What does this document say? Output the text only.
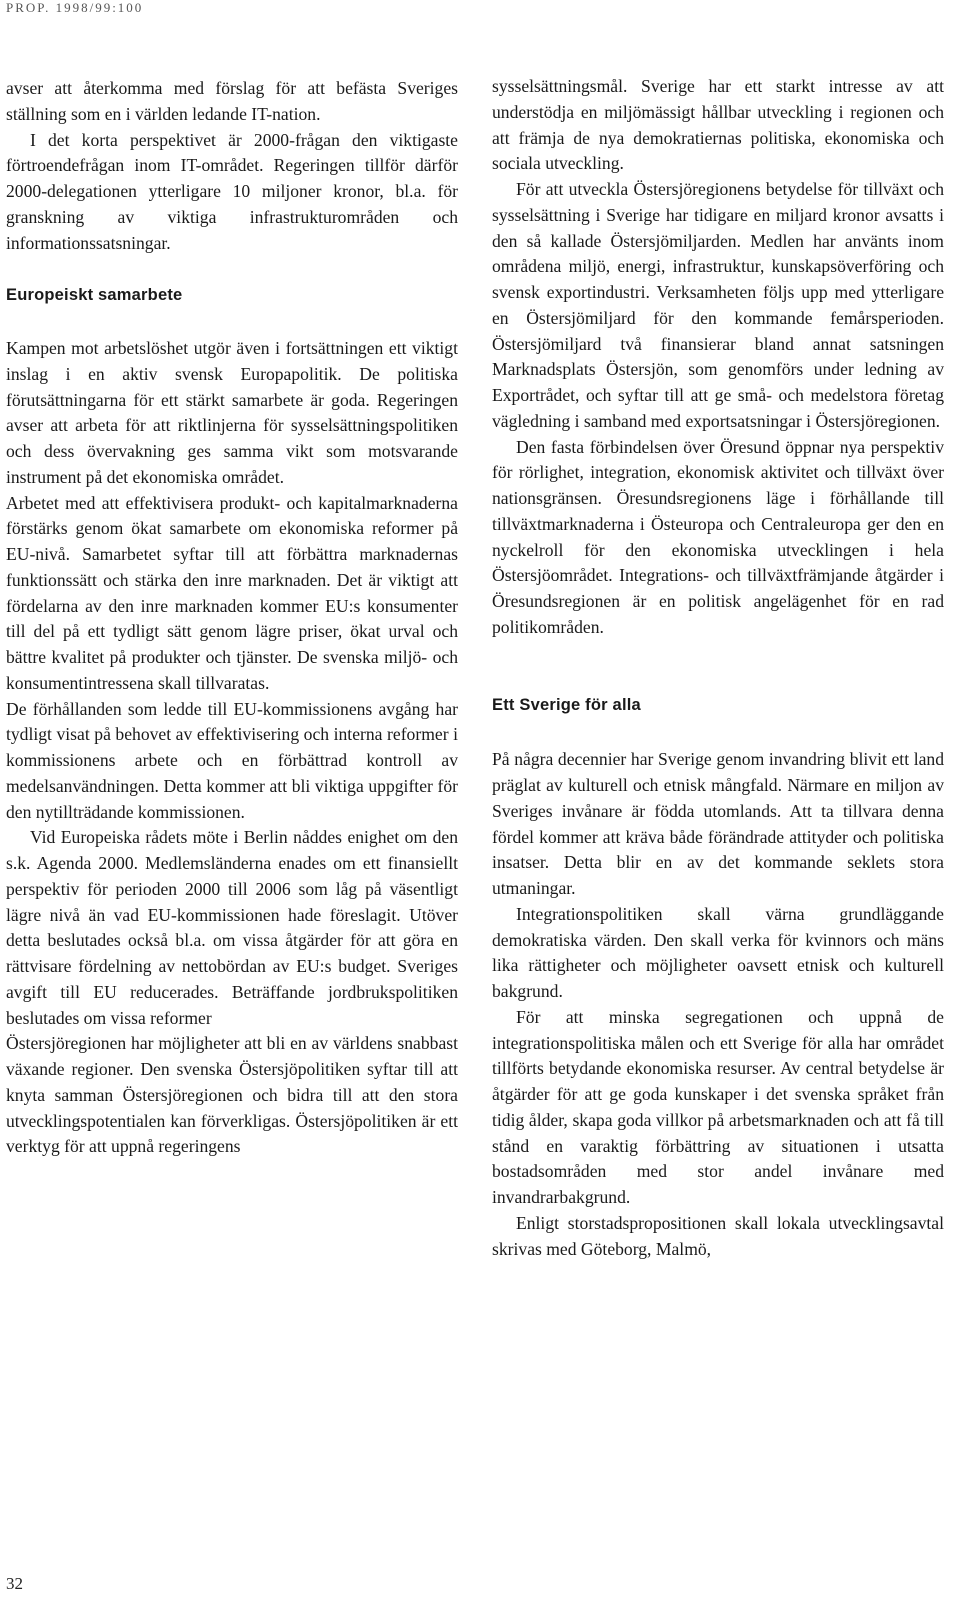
PROP. 1998/99:100

avser att återkomma med förslag för att befästa Sveriges ställning som en i världen ledande IT-nation.

I det korta perspektivet är 2000-frågan den viktigaste förtroendefrågan inom IT-området. Regeringen tillför därför 2000-delegationen ytterligare 10 miljoner kronor, bl.a. för granskning av viktiga infrastrukturområden och informationssatsningar.

Europeiskt samarbete

Kampen mot arbetslöshet utgör även i fortsättningen ett viktigt inslag i en aktiv svensk Europapolitik. De politiska förutsättningarna för ett stärkt samarbete är goda. Regeringen avser att arbeta för att riktlinjerna för sysselsättningspolitiken och dess övervakning ges samma vikt som motsvarande instrument på det ekonomiska området.

Arbetet med att effektivisera produkt- och kapitalmarknaderna förstärks genom ökat samarbete om ekonomiska reformer på EU-nivå. Samarbetet syftar till att förbättra marknadernas funktionssätt och stärka den inre marknaden. Det är viktigt att fördelarna av den inre marknaden kommer EU:s konsumenter till del på ett tydligt sätt genom lägre priser, ökat urval och bättre kvalitet på produkter och tjänster. De svenska miljö- och konsumentintressena skall tillvaratas.

De förhållanden som ledde till EU-kommissionens avgång har tydligt visat på behovet av effektivisering och interna reformer i kommissionens arbete och en förbättrad kontroll av medelsanvändningen. Detta kommer att bli viktiga uppgifter för den nytillträdande kommissionen.

Vid Europeiska rådets möte i Berlin nåddes enighet om den s.k. Agenda 2000. Medlemsländerna enades om ett finansiellt perspektiv för perioden 2000 till 2006 som låg på väsentligt lägre nivå än vad EU-kommissionen hade föreslagit. Utöver detta beslutades också bl.a. om vissa åtgärder för att göra en rättvisare fördelning av nettobördan av EU:s budget. Sveriges avgift till EU reducerades. Beträffande jordbrukspolitiken beslutades om vissa reformer

Östersjöregionen har möjligheter att bli en av världens snabbast växande regioner. Den svenska Östersjöpolitiken syftar till att knyta samman Östersjöregionen och bidra till att den stora utvecklingspotentialen kan förverkligas. Östersjöpolitiken är ett verktyg för att uppnå regeringens

sysselsättningsmål. Sverige har ett starkt intresse av att understödja en miljömässigt hållbar utveckling i regionen och att främja de nya demokratiernas politiska, ekonomiska och sociala utveckling.

För att utveckla Östersjöregionens betydelse för tillväxt och sysselsättning i Sverige har tidigare en miljard kronor avsatts i den så kallade Östersjömiljarden. Medlen har använts inom områdena miljö, energi, infrastruktur, kunskapsöverföring och svensk exportindustri. Verksamheten följs upp med ytterligare en Östersjömiljard för den kommande femårsperioden. Östersjömiljard två finansierar bland annat satsningen Marknadsplats Östersjön, som genomförs under ledning av Exportrådet, och syftar till att ge små- och medelstora företag vägledning i samband med exportsatsningar i Östersjöregionen.

Den fasta förbindelsen över Öresund öppnar nya perspektiv för rörlighet, integration, ekonomisk aktivitet och tillväxt över nationsgränsen. Öresundsregionens läge i förhållande till tillväxtmarknaderna i Östeuropa och Centraleuropa ger den en nyckelroll för den ekonomiska utvecklingen i hela Östersjöområdet. Integrations- och tillväxtfrämjande åtgärder i Öresundsregionen är en politisk angelägenhet för en rad politikområden.

Ett Sverige för alla

På några decennier har Sverige genom invandring blivit ett land präglat av kulturell och etnisk mångfald. Närmare en miljon av Sveriges invånare är födda utomlands. Att ta tillvara denna fördel kommer att kräva både förändrade attityder och politiska insatser. Detta blir en av det kommande seklets stora utmaningar.

Integrationspolitiken skall värna grundläggande demokratiska värden. Den skall verka för kvinnors och mäns lika rättigheter och möjligheter oavsett etnisk och kulturell bakgrund.

För att minska segregationen och uppnå de integrationspolitiska målen och ett Sverige för alla har området tillförts betydande ekonomiska resurser. Av central betydelse är åtgärder för att ge goda kunskaper i det svenska språket från tidig ålder, skapa goda villkor på arbetsmarknaden och att få till stånd en varaktig förbättring av situationen i utsatta bostadsområden med stor andel invånare med invandrarbakgrund.

Enligt storstadspropositionen skall lokala utvecklingsavtal skrivas med Göteborg, Malmö,

32
